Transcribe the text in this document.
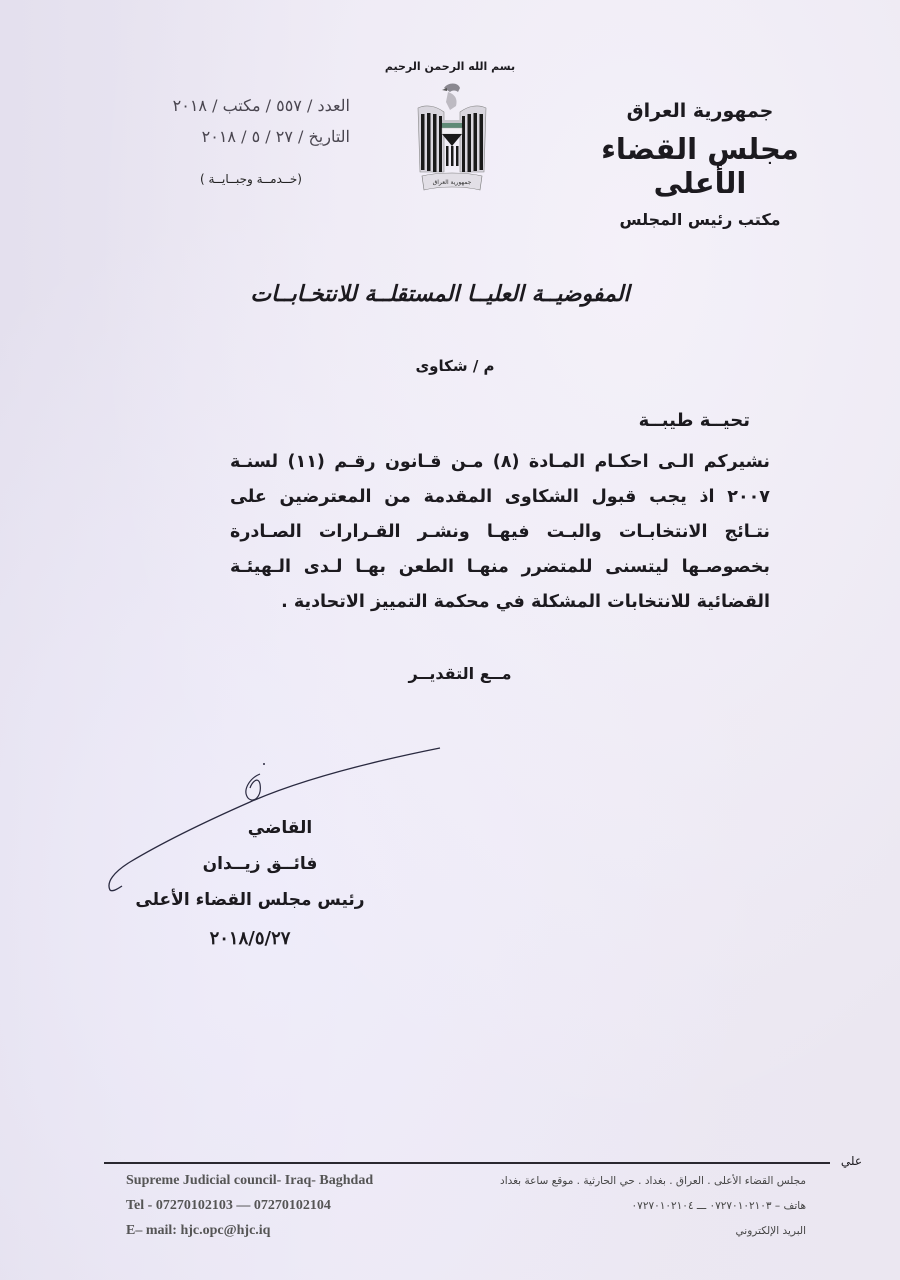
جمهورية العراق
مجلس القضاء الأعلى
مكتب رئيس المجلس
بسم الله الرحمن الرحيم
جمهورية العراق
العدد / ٥٥٧ / مكتب / ٢٠١٨
التاريخ / ٢٧ / ٥ / ٢٠١٨
(خــدمــة وجبــايــة )
المفوضيــة العليــا المستقلــة للانتخـابــات
م / شكاوى
تحيــة طيبــة
نشيركم الـى احكـام المـادة (٨) مـن قـانون رقـم (١١) لسنـة
٢٠٠٧ اذ يجب قبول الشكاوى المقدمة من المعترضين على
نتـائج الانتخابـات والبـت فيهـا ونشـر القـرارات الصـادرة
بخصوصـها ليتسنى للمتضرر منهـا الطعن بهـا لـدى الـهيئـة
القضائية للانتخابات المشكلة في محكمة التمييز الاتحادية .
مــع التقديــر
القاضي
فائــق زيــدان
رئيس مجلس القضاء الأعلى
٢٠١٨/٥/٢٧
علي
Supreme Judicial council- Iraq- Baghdad
Tel - 07270102103 — 07270102104
E– mail: hjc.opc@hjc.iq
مجلس القضاء الأعلى . العراق . بغداد . حي الحارثية . موقع ساعة بغداد
هاتف – ٠٧٢٧٠١٠٢١٠٣ ـــ ٠٧٢٧٠١٠٢١٠٤
البريد الإلكتروني
